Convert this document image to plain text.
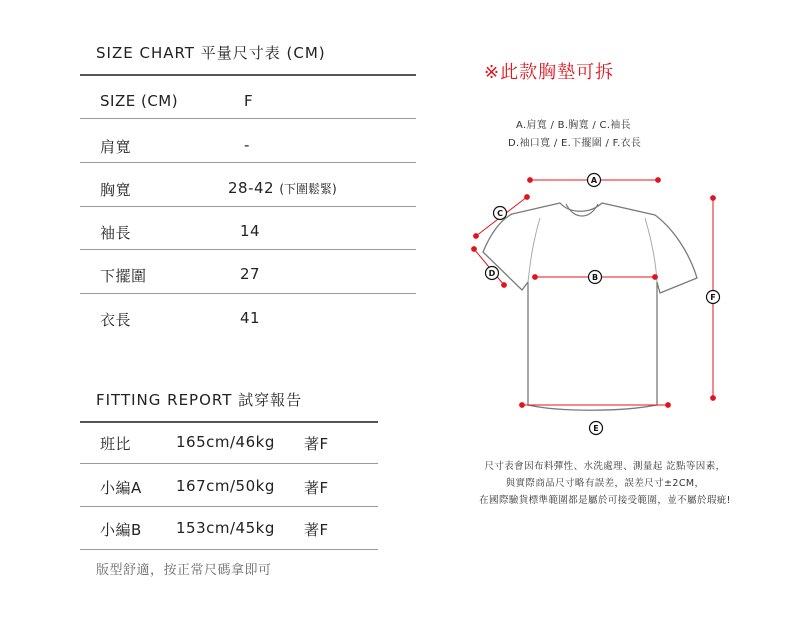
SIZE CHART 平量尺寸表 (CM)
SIZE (CM)	F
肩寬	-
胸寬	28-42 (下圍鬆緊)
袖長	14
下擺圍	27
衣長	41
FITTING REPORT 試穿報告
班比	165cm/46kg 著F
小編A 167cm/50kg 著F
小編B 153cm/45kg 著F
版型舒適，按正常尺碼拿即可
※此款胸墊可拆
A.肩寬 / B.胸寬 / C.袖長
D.袖口寬 / E.下擺圍 / F.衣長
A
B
C
D
E
F
尺寸表會因布料彈性、水洗處理、測量起 訖點等因素，
與實際商品尺寸略有誤差，誤差尺寸±2CM，
在國際驗貨標準範圍都是屬於可接受範圍，並不屬於瑕疵!
